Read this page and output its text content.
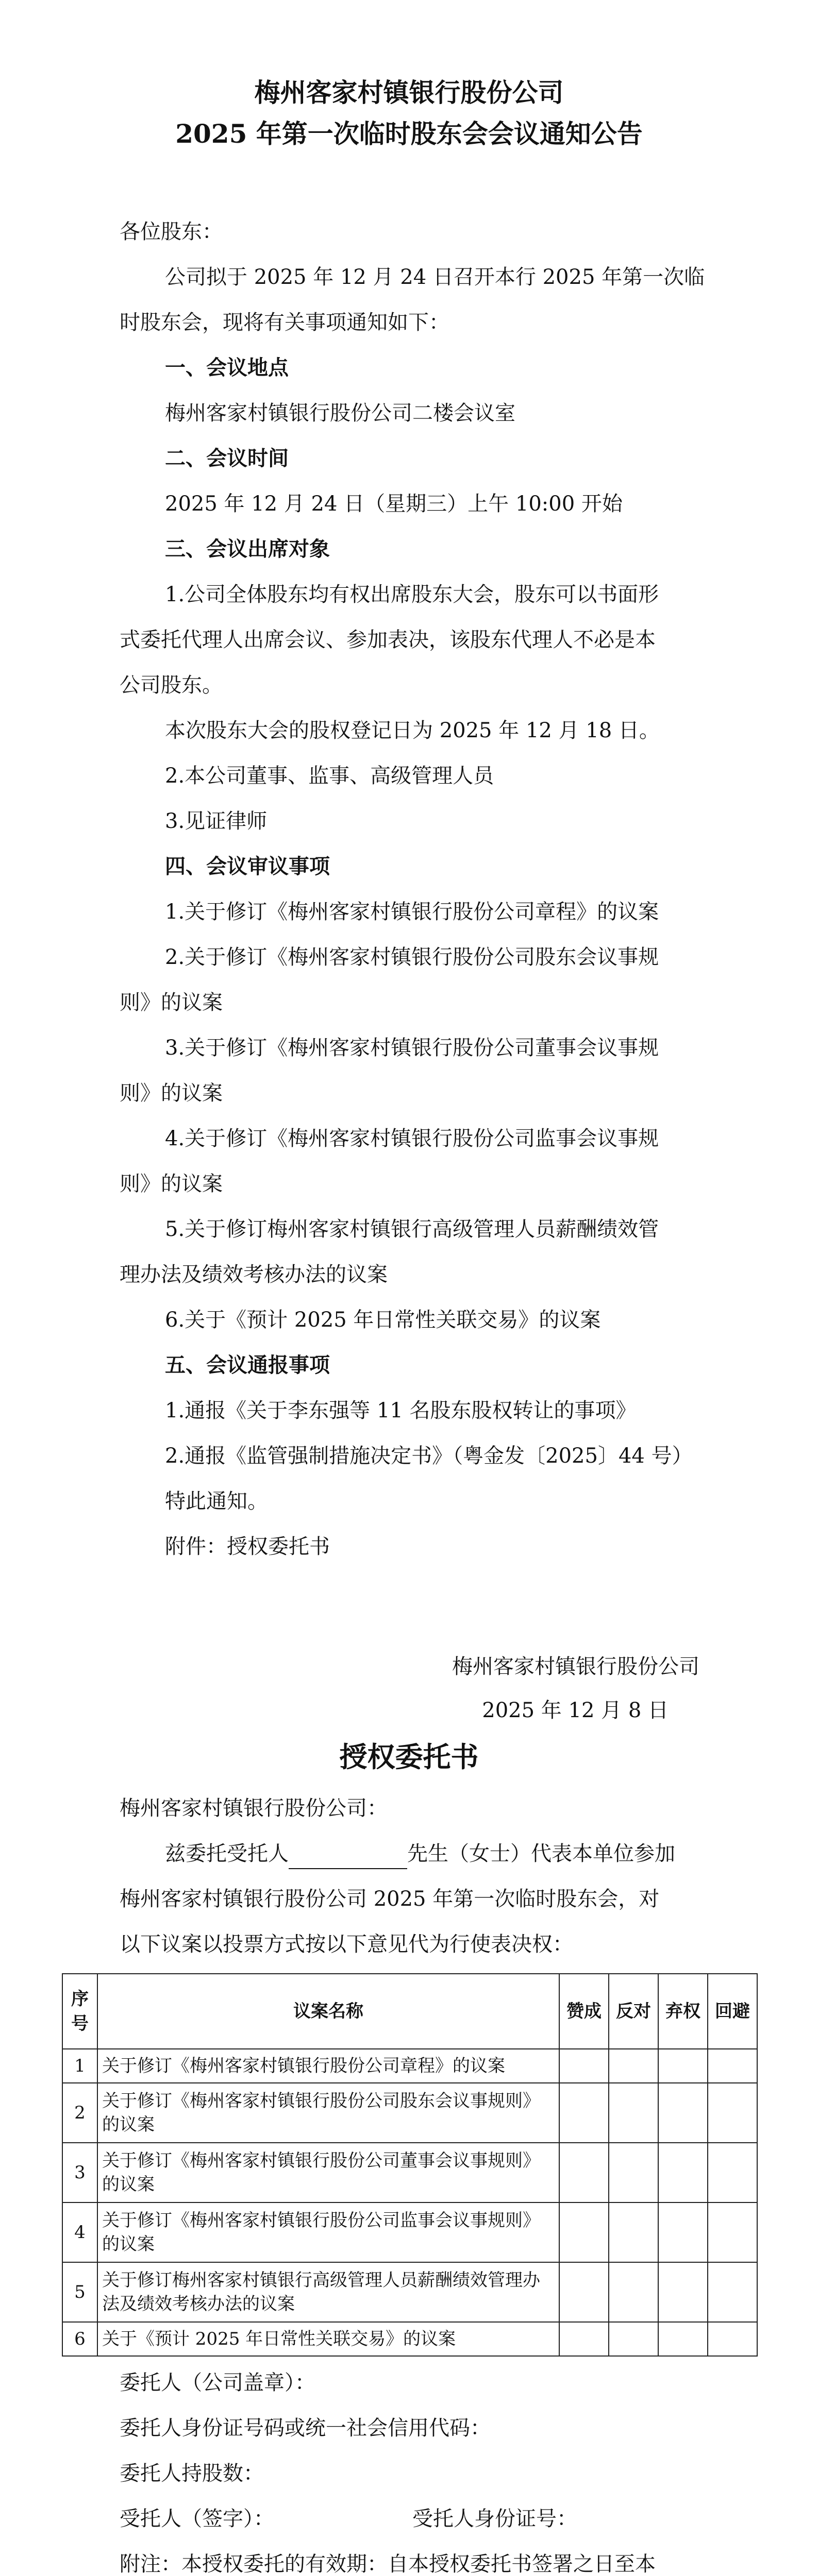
梅州客家村镇银行股份公司
2025 年第一次临时股东会会议通知公告
各位股东：
公司拟于 2025 年 12 月 24 日召开本行 2025 年第一次临
时股东会，现将有关事项通知如下：
一、会议地点
梅州客家村镇银行股份公司二楼会议室
二、会议时间
2025 年 12 月 24 日（星期三）上午 10:00 开始
三、会议出席对象
1.公司全体股东均有权出席股东大会，股东可以书面形
式委托代理人出席会议、参加表决，该股东代理人不必是本
公司股东。
本次股东大会的股权登记日为 2025 年 12 月 18 日。
2.本公司董事、监事、高级管理人员
3.见证律师
四、会议审议事项
1.关于修订《梅州客家村镇银行股份公司章程》的议案
2.关于修订《梅州客家村镇银行股份公司股东会议事规
则》的议案
3.关于修订《梅州客家村镇银行股份公司董事会议事规
则》的议案
4.关于修订《梅州客家村镇银行股份公司监事会议事规
则》的议案
5.关于修订梅州客家村镇银行高级管理人员薪酬绩效管
理办法及绩效考核办法的议案
6.关于《预计 2025 年日常性关联交易》的议案
五、会议通报事项
1.通报《关于李东强等 11 名股东股权转让的事项》
2.通报《监管强制措施决定书》（粤金发〔2025〕44 号）
特此通知。
附件：授权委托书
梅州客家村镇银行股份公司
2025 年 12 月 8 日
授权委托书
梅州客家村镇银行股份公司：
兹委托受托人	先生（女士）代表本单位参加
梅州客家村镇银行股份公司 2025 年第一次临时股东会，对
以下议案以投票方式按以下意见代为行使表决权：
序号	议案名称	赞成	反对	弃权	回避
1	关于修订《梅州客家村镇银行股份公司章程》的议案				
2	关于修订《梅州客家村镇银行股份公司股东会议事规则》的议案				
3	关于修订《梅州客家村镇银行股份公司董事会议事规则》的议案				
4	关于修订《梅州客家村镇银行股份公司监事会议事规则》的议案				
5	关于修订梅州客家村镇银行高级管理人员薪酬绩效管理办法及绩效考核办法的议案				
6	关于《预计 2025 年日常性关联交易》的议案				
委托人（公司盖章）：
委托人身份证号码或统一社会信用代码：
委托人持股数：
受托人（签字）：	受托人身份证号：
附注：本授权委托的有效期：自本授权委托书签署之日至本
